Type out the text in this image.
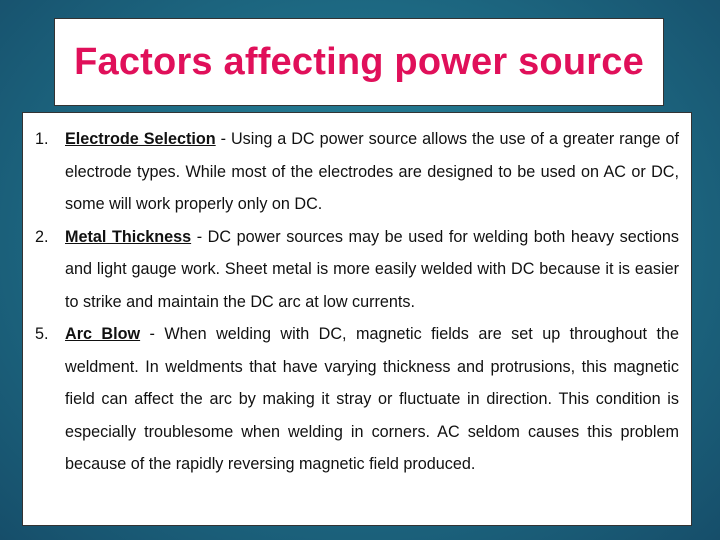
Factors affecting power source
1.	Electrode Selection - Using a DC power source allows the use of a greater range of electrode types. While most of the electrodes are designed to be used on AC or DC, some will work properly only on DC.
2.	Metal Thickness - DC power sources may be used for welding both heavy sections and light gauge work. Sheet metal is more easily welded with DC because it is easier to strike and maintain the DC arc at low currents.
5.	Arc Blow - When welding with DC, magnetic fields are set up throughout the weldment. In weldments that have varying thickness and protrusions, this magnetic field can affect the arc by making it stray or fluctuate in direction. This condition is especially troublesome when welding in corners. AC seldom causes this problem because of the rapidly reversing magnetic field produced.
